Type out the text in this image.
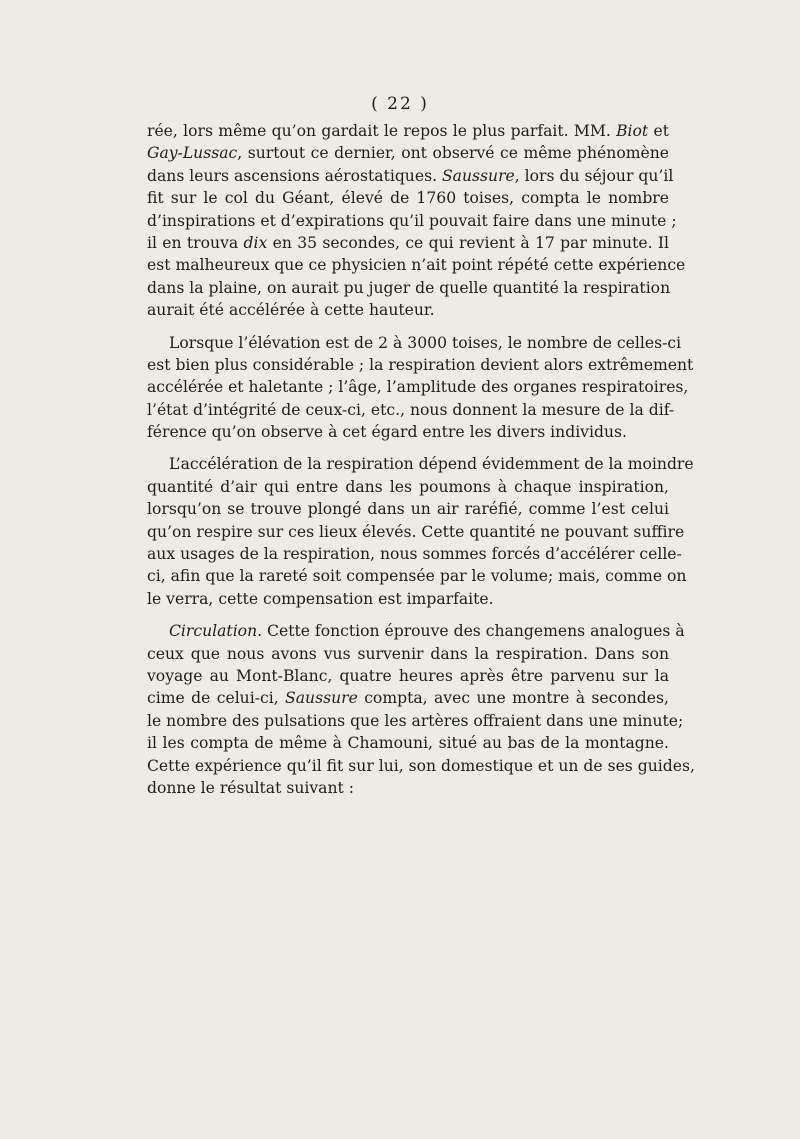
( 22 )
rée, lors même qu’on gardait le repos le plus parfait. MM. Biot et
Gay-Lussac, surtout ce dernier, ont observé ce même phénomène
dans leurs ascensions aérostatiques. Saussure, lors du séjour qu’il
fit sur le col du Géant, élevé de 1760 toises, compta le nombre
d’inspirations et d’expirations qu’il pouvait faire dans une minute ;
il en trouva dix en 35 secondes, ce qui revient à 17 par minute. Il
est malheureux que ce physicien n’ait point répété cette expérience
dans la plaine, on aurait pu juger de quelle quantité la respiration
aurait été accélérée à cette hauteur.
Lorsque l’élévation est de 2 à 3000 toises, le nombre de celles-ci
est bien plus considérable ; la respiration devient alors extrêmement
accélérée et haletante ; l’âge, l’amplitude des organes respiratoires,
l’état d’intégrité de ceux-ci, etc., nous donnent la mesure de la dif-
férence qu’on observe à cet égard entre les divers individus.
L’accélération de la respiration dépend évidemment de la moindre
quantité d’air qui entre dans les poumons à chaque inspiration,
lorsqu’on se trouve plongé dans un air raréfié, comme l’est celui
qu’on respire sur ces lieux élevés. Cette quantité ne pouvant suffire
aux usages de la respiration, nous sommes forcés d’accélérer celle-
ci, afin que la rareté soit compensée par le volume; mais, comme on
le verra, cette compensation est imparfaite.
Circulation. Cette fonction éprouve des changemens analogues à
ceux que nous avons vus survenir dans la respiration. Dans son
voyage au Mont-Blanc, quatre heures après être parvenu sur la
cime de celui-ci, Saussure compta, avec une montre à secondes,
le nombre des pulsations que les artères offraient dans une minute;
il les compta de même à Chamouni, situé au bas de la montagne.
Cette expérience qu’il fit sur lui, son domestique et un de ses guides,
donne le résultat suivant :
